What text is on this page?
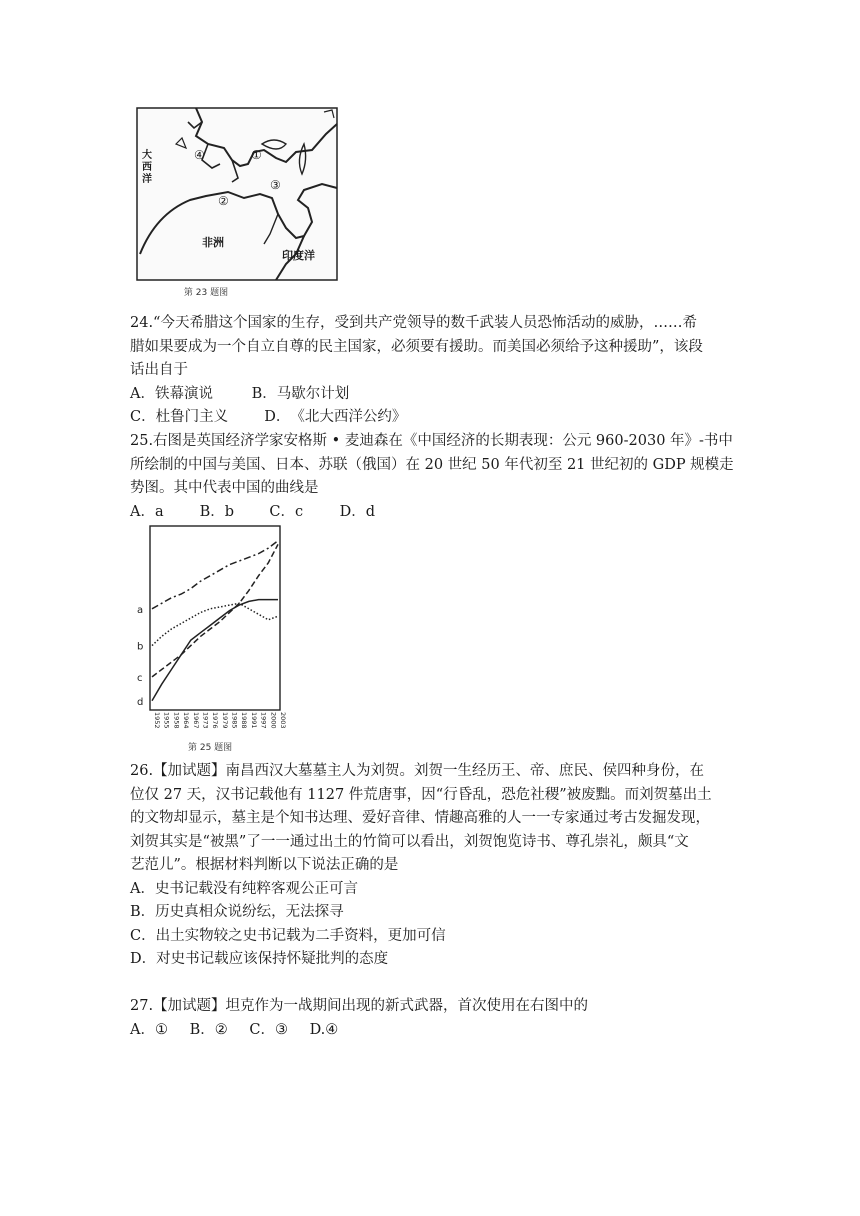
大西洋
非洲
印度洋
①
②
③
④
第 23 题图
24.“今天希腊这个国家的生存，受到共产党领导的数千武装人员恐怖活动的威胁，……希
腊如果要成为一个自立自尊的民主国家，必须要有援助。而美国必须给予这种援助”，该段
话出自于
A．铁幕演说	B．马歇尔计划
C．杜鲁门主义 D．《北大西洋公约》
25.右图是英国经济学家安格斯 • 麦迪森在《中国经济的长期表现：公元 960-2030 年》-书中
所绘制的中国与美国、日本、苏联（俄国）在 20 世纪 50 年代初至 21 世纪初的 GDP 规模走
势图。其中代表中国的曲线是
A．a B．b C．c	D．d
a
b
c
d
1952 1955 1958 1964 1967 1973 1976 1979 1985 1988 1991 1997 2000 2003
第 25 题图
26.【加试题】南昌西汉大墓墓主人为刘贺。刘贺一生经历王、帝、庶民、侯四种身份，在
位仅 27 天，汉书记载他有 1127 件荒唐事，因“行昏乱，恐危社稷”被废黜。而刘贺墓出土
的文物却显示，墓主是个知书达理、爱好音律、情趣高雅的人一一专家通过考古发掘发现，
刘贺其实是“被黑”了一一通过出土的竹简可以看出，刘贺饱览诗书、尊孔崇礼，颇具“文
艺范儿”。根据材料判断以下说法正确的是
A．史书记载没有纯粹客观公正可言
B．历史真相众说纷纭，无法探寻
C．出土实物较之史书记载为二手资料，更加可信
D．对史书记载应该保持怀疑批判的态度
27.【加试题】坦克作为一战期间出现的新式武器，首次使用在右图中的
A．① B．② C．③ D.④
